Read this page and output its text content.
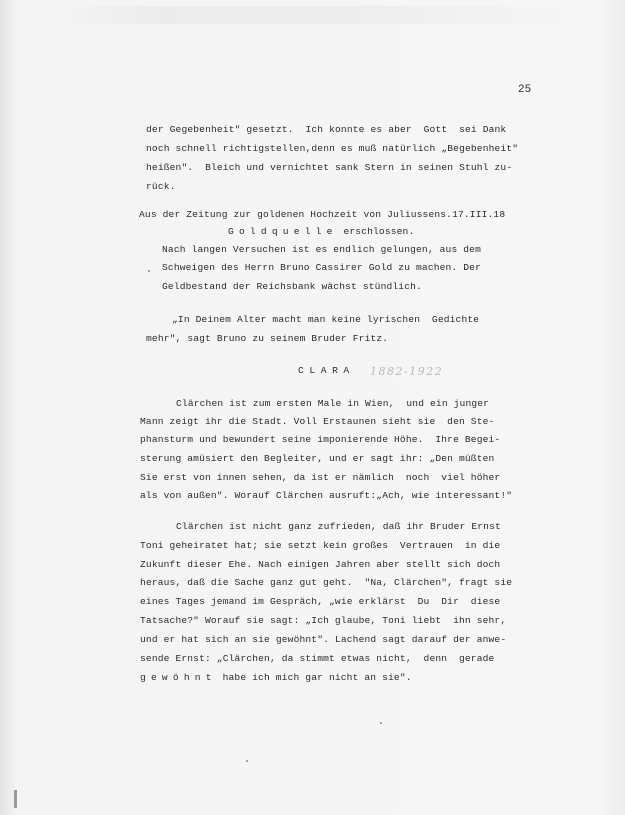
25
der Gegebenheit" gesetzt.  Ich konnte es aber  Gott  sei Dank
noch schnell richtigstellen,denn es muß natürlich „Begebenheit"
heißen".  Bleich und vernichtet sank Stern in seinen Stuhl zu-
rück.
Aus der Zeitung zur goldenen Hochzeit von Juliussens.17.III.18
Goldquelle erschlossen.
Nach langen Versuchen ist es endlich gelungen, aus dem
Schweigen des Herrn Bruno Cassirer Gold zu machen. Der
Geldbestand der Reichsbank wächst stündlich.
„In Deinem Alter macht man keine lyrischen  Gedichte
mehr", sagt Bruno zu seinem Bruder Fritz.
CLARA 1882-1922
Clärchen ist zum ersten Male in Wien,  und ein junger
Mann zeigt ihr die Stadt. Voll Erstaunen sieht sie  den Ste-
phansturm und bewundert seine imponierende Höhe.  Ihre Begei-
sterung amüsiert den Begleiter, und er sagt ihr: „Den müßten
Sie erst von innen sehen, da ist er nämlich  noch  viel höher
als von außen". Worauf Clärchen ausruft:„Ach, wie interessant!"
Clärchen ist nicht ganz zufrieden, daß ihr Bruder Ernst
Toni geheiratet hat; sie setzt kein großes  Vertrauen  in die
Zukunft dieser Ehe. Nach einigen Jahren aber stellt sich doch
heraus, daß die Sache ganz gut geht.  "Na, Clärchen", fragt sie
eines Tages jemand im Gespräch, „wie erklärst  Du  Dir  diese
Tatsache?" Worauf sie sagt: „Ich glaube, Toni liebt  ihn sehr,
und er hat sich an sie gewöhnt". Lachend sagt darauf der anwe-
sende Ernst: „Clärchen, da stimmt etwas nicht,  denn  gerade
gewöhnt habe ich mich gar nicht an sie".
